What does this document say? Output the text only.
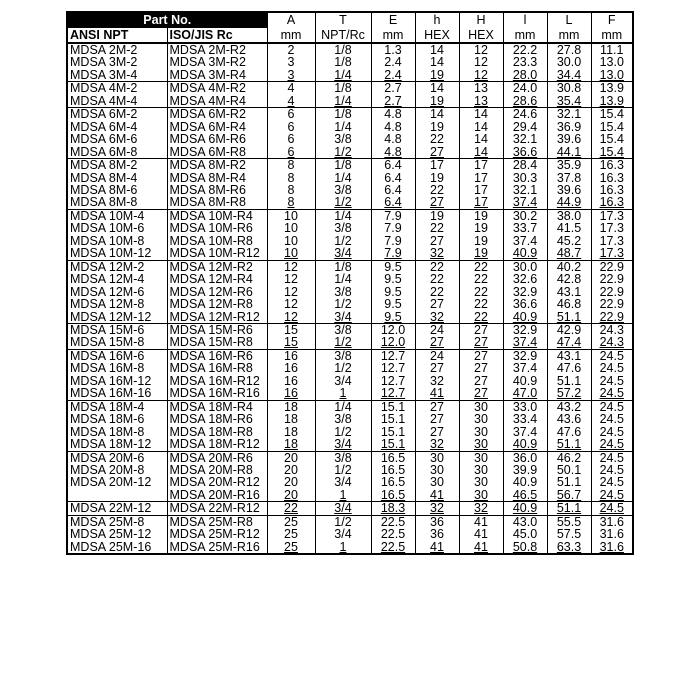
Part No.		A	T	E	h	H	l	L	F
ANSI NPT	ISO/JIS Rc	mm	NPT/Rc	mm	HEX	HEX	mm	mm	mm
MDSA 2M-2	MDSA 2M-R2	2	1/8	1.3	14	12	22.2	27.8	11.1
MDSA 3M-2	MDSA 3M-R2	3	1/8	2.4	14	12	23.3	30.0	13.0
MDSA 3M-4	MDSA 3M-R4	3	1/4	2.4	19	12	28.0	34.4	13.0
MDSA 4M-2	MDSA 4M-R2	4	1/8	2.7	14	13	24.0	30.8	13.9
MDSA 4M-4	MDSA 4M-R4	4	1/4	2.7	19	13	28.6	35.4	13.9
MDSA 6M-2	MDSA 6M-R2	6	1/8	4.8	14	14	24.6	32.1	15.4
MDSA 6M-4	MDSA 6M-R4	6	1/4	4.8	19	14	29.4	36.9	15.4
MDSA 6M-6	MDSA 6M-R6	6	3/8	4.8	22	14	32.1	39.6	15.4
MDSA 6M-8	MDSA 6M-R8	6	1/2	4.8	27	14	36.6	44.1	15.4
MDSA 8M-2	MDSA 8M-R2	8	1/8	6.4	17	17	28.4	35.9	16.3
MDSA 8M-4	MDSA 8M-R4	8	1/4	6.4	19	17	30.3	37.8	16.3
MDSA 8M-6	MDSA 8M-R6	8	3/8	6.4	22	17	32.1	39.6	16.3
MDSA 8M-8	MDSA 8M-R8	8	1/2	6.4	27	17	37.4	44.9	16.3
MDSA 10M-4	MDSA 10M-R4	10	1/4	7.9	19	19	30.2	38.0	17.3
MDSA 10M-6	MDSA 10M-R6	10	3/8	7.9	22	19	33.7	41.5	17.3
MDSA 10M-8	MDSA 10M-R8	10	1/2	7.9	27	19	37.4	45.2	17.3
MDSA 10M-12	MDSA 10M-R12	10	3/4	7.9	32	19	40.9	48.7	17.3
MDSA 12M-2	MDSA 12M-R2	12	1/8	9.5	22	22	30.0	40.2	22.9
MDSA 12M-4	MDSA 12M-R4	12	1/4	9.5	22	22	32.6	42.8	22.9
MDSA 12M-6	MDSA 12M-R6	12	3/8	9.5	22	22	32.9	43.1	22.9
MDSA 12M-8	MDSA 12M-R8	12	1/2	9.5	27	22	36.6	46.8	22.9
MDSA 12M-12	MDSA 12M-R12	12	3/4	9.5	32	22	40.9	51.1	22.9
MDSA 15M-6	MDSA 15M-R6	15	3/8	12.0	24	27	32.9	42.9	24.3
MDSA 15M-8	MDSA 15M-R8	15	1/2	12.0	27	27	37.4	47.4	24.3
MDSA 16M-6	MDSA 16M-R6	16	3/8	12.7	24	27	32.9	43.1	24.5
MDSA 16M-8	MDSA 16M-R8	16	1/2	12.7	27	27	37.4	47.6	24.5
MDSA 16M-12	MDSA 16M-R12	16	3/4	12.7	32	27	40.9	51.1	24.5
MDSA 16M-16	MDSA 16M-R16	16	1	12.7	41	27	47.0	57.2	24.5
MDSA 18M-4	MDSA 18M-R4	18	1/4	15.1	27	30	33.0	43.2	24.5
MDSA 18M-6	MDSA 18M-R6	18	3/8	15.1	27	30	33.4	43.6	24.5
MDSA 18M-8	MDSA 18M-R8	18	1/2	15.1	27	30	37.4	47.6	24.5
MDSA 18M-12	MDSA 18M-R12	18	3/4	15.1	32	30	40.9	51.1	24.5
MDSA 20M-6	MDSA 20M-R6	20	3/8	16.5	30	30	36.0	46.2	24.5
MDSA 20M-8	MDSA 20M-R8	20	1/2	16.5	30	30	39.9	50.1	24.5
MDSA 20M-12	MDSA 20M-R12	20	3/4	16.5	30	30	40.9	51.1	24.5
	MDSA 20M-R16	20	1	16.5	41	30	46.5	56.7	24.5
MDSA 22M-12	MDSA 22M-R12	22	3/4	18.3	32	32	40.9	51.1	24.5
MDSA 25M-8	MDSA 25M-R8	25	1/2	22.5	36	41	43.0	55.5	31.6
MDSA 25M-12	MDSA 25M-R12	25	3/4	22.5	36	41	45.0	57.5	31.6
MDSA 25M-16	MDSA 25M-R16	25	1	22.5	41	41	50.8	63.3	31.6
